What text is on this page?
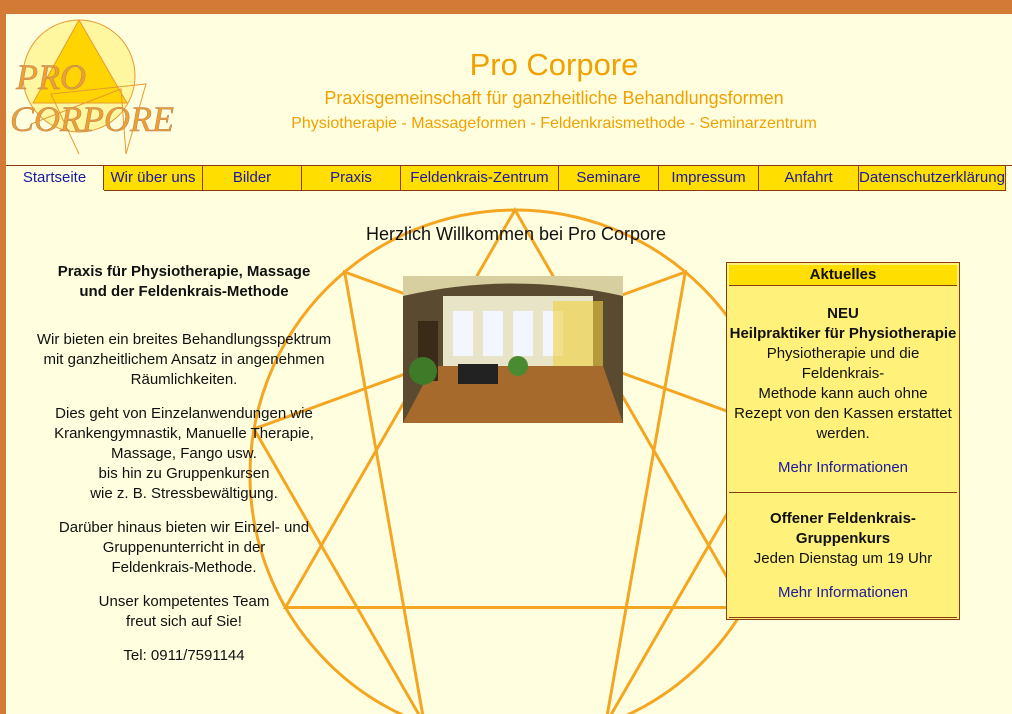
PRO
CORPORE
Pro Corpore
Praxisgemeinschaft für ganzheitliche Behandlungsformen
Physiotherapie - Massageformen - Feldenkraismethode - Seminarzentrum
Startseite	Wir über uns	Bilder	Praxis	Feldenkrais-Zentrum	Seminare	Impressum	Anfahrt	Datenschutzerklärung
Herzlich Willkommen bei Pro Corpore

Praxis für Physiotherapie, Massage
und der Feldenkrais-Methode

Wir bieten ein breites Behandlungsspektrum
mit ganzheitlichem Ansatz in angenehmen
Räumlichkeiten.

Dies geht von Einzelanwendungen wie
Krankengymnastik, Manuelle Therapie,
Massage, Fango usw.
bis hin zu Gruppenkursen
wie z. B. Stressbewältigung.

Darüber hinaus bieten wir Einzel- und
Gruppenunterricht in der
Feldenkrais-Methode.

Unser kompetentes Team
freut sich auf Sie!

Tel: 0911/7591144

Aktuelles
NEU
Heilpraktiker für Physiotherapie
Physiotherapie und die
Feldenkrais-
Methode kann auch ohne
Rezept von den Kassen erstattet
werden.
Mehr Informationen
Offener Feldenkrais-
Gruppenkurs
Jeden Dienstag um 19 Uhr
Mehr Informationen
